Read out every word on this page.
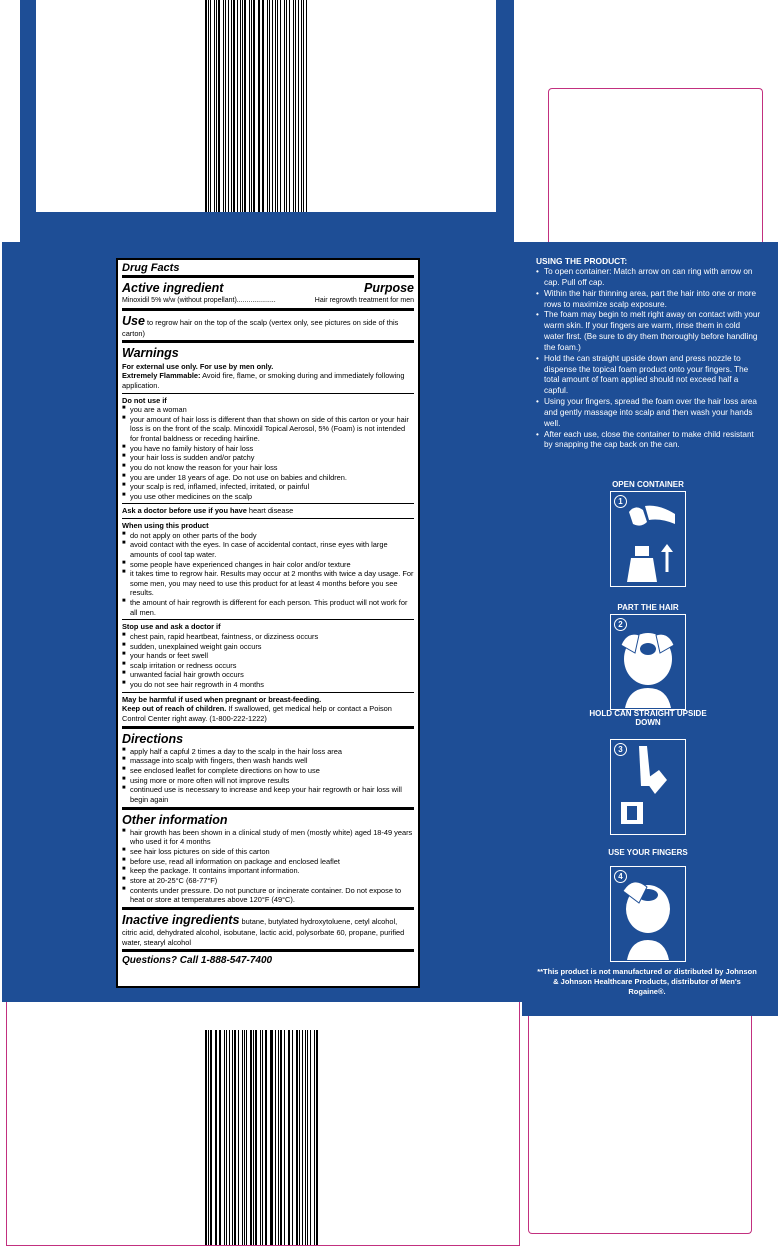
Drug Facts
Active ingredient	Purpose
Minoxidil 5% w/w (without propellant)....................	Hair regrowth treatment for men
Use to regrow hair on the top of the scalp (vertex only, see pictures on side of this carton)
Warnings
For external use only. For use by men only.
Extremely Flammable: Avoid fire, flame, or smoking during and immediately following application.
Do not use if
■ you are a woman
■ your amount of hair loss is different than that shown on side of this carton or your hair loss is on the front of the scalp. Minoxidil Topical Aerosol, 5% (Foam) is not intended for frontal baldness or receding hairline.
■ you have no family history of hair loss
■ your hair loss is sudden and/or patchy
■ you do not know the reason for your hair loss
■ you are under 18 years of age. Do not use on babies and children.
■ your scalp is red, inflamed, infected, irritated, or painful
■ you use other medicines on the scalp
Ask a doctor before use if you have heart disease
When using this product
■ do not apply on other parts of the body
■ avoid contact with the eyes. In case of accidental contact, rinse eyes with large amounts of cool tap water.
■ some people have experienced changes in hair color and/or texture
■ it takes time to regrow hair. Results may occur at 2 months with twice a day usage. For some men, you may need to use this product for at least 4 months before you see results.
■ the amount of hair regrowth is different for each person. This product will not work for all men.
Stop use and ask a doctor if
■ chest pain, rapid heartbeat, faintness, or dizziness occurs
■ sudden, unexplained weight gain occurs
■ your hands or feet swell
■ scalp irritation or redness occurs
■ unwanted facial hair growth occurs
■ you do not see hair regrowth in 4 months
May be harmful if used when pregnant or breast-feeding.
Keep out of reach of children. If swallowed, get medical help or contact a Poison Control Center right away. (1-800-222-1222)
Directions
■ apply half a capful 2 times a day to the scalp in the hair loss area
■ massage into scalp with fingers, then wash hands well
■ see enclosed leaflet for complete directions on how to use
■ using more or more often will not improve results
■ continued use is necessary to increase and keep your hair regrowth or hair loss will begin again
Other information
■ hair growth has been shown in a clinical study of men (mostly white) aged 18-49 years who used it for 4 months
■ see hair loss pictures on side of this carton
■ before use, read all information on package and enclosed leaflet
■ keep the package. It contains important information.
■ store at 20-25°C (68-77°F)
■ contents under pressure. Do not puncture or incinerate container. Do not expose to heat or store at temperatures above 120°F (49°C).
Inactive ingredients butane, butylated hydroxytoluene, cetyl alcohol, citric acid, dehydrated alcohol, isobutane, lactic acid, polysorbate 60, propane, purified water, stearyl alcohol
Questions? Call 1-888-547-7400
USING THE PRODUCT:
• To open container: Match arrow on can ring with arrow on cap. Pull off cap.
• Within the hair thinning area, part the hair into one or more rows to maximize scalp exposure.
• The foam may begin to melt right away on contact with your warm skin. If your fingers are warm, rinse them in cold water first. (Be sure to dry them thoroughly before handling the foam.)
• Hold the can straight upside down and press nozzle to dispense the topical foam product onto your fingers. The total amount of foam applied should not exceed half a capful.
• Using your fingers, spread the foam over the hair loss area and gently massage into scalp and then wash your hands well.
• After each use, close the container to make child resistant by snapping the cap back on the can.
OPEN CONTAINER
1
PART THE HAIR
2
HOLD CAN STRAIGHT UPSIDE DOWN
3
USE YOUR FINGERS
4
**This product is not manufactured or distributed by Johnson & Johnson Healthcare Products, distributor of Men's Rogaine®.
